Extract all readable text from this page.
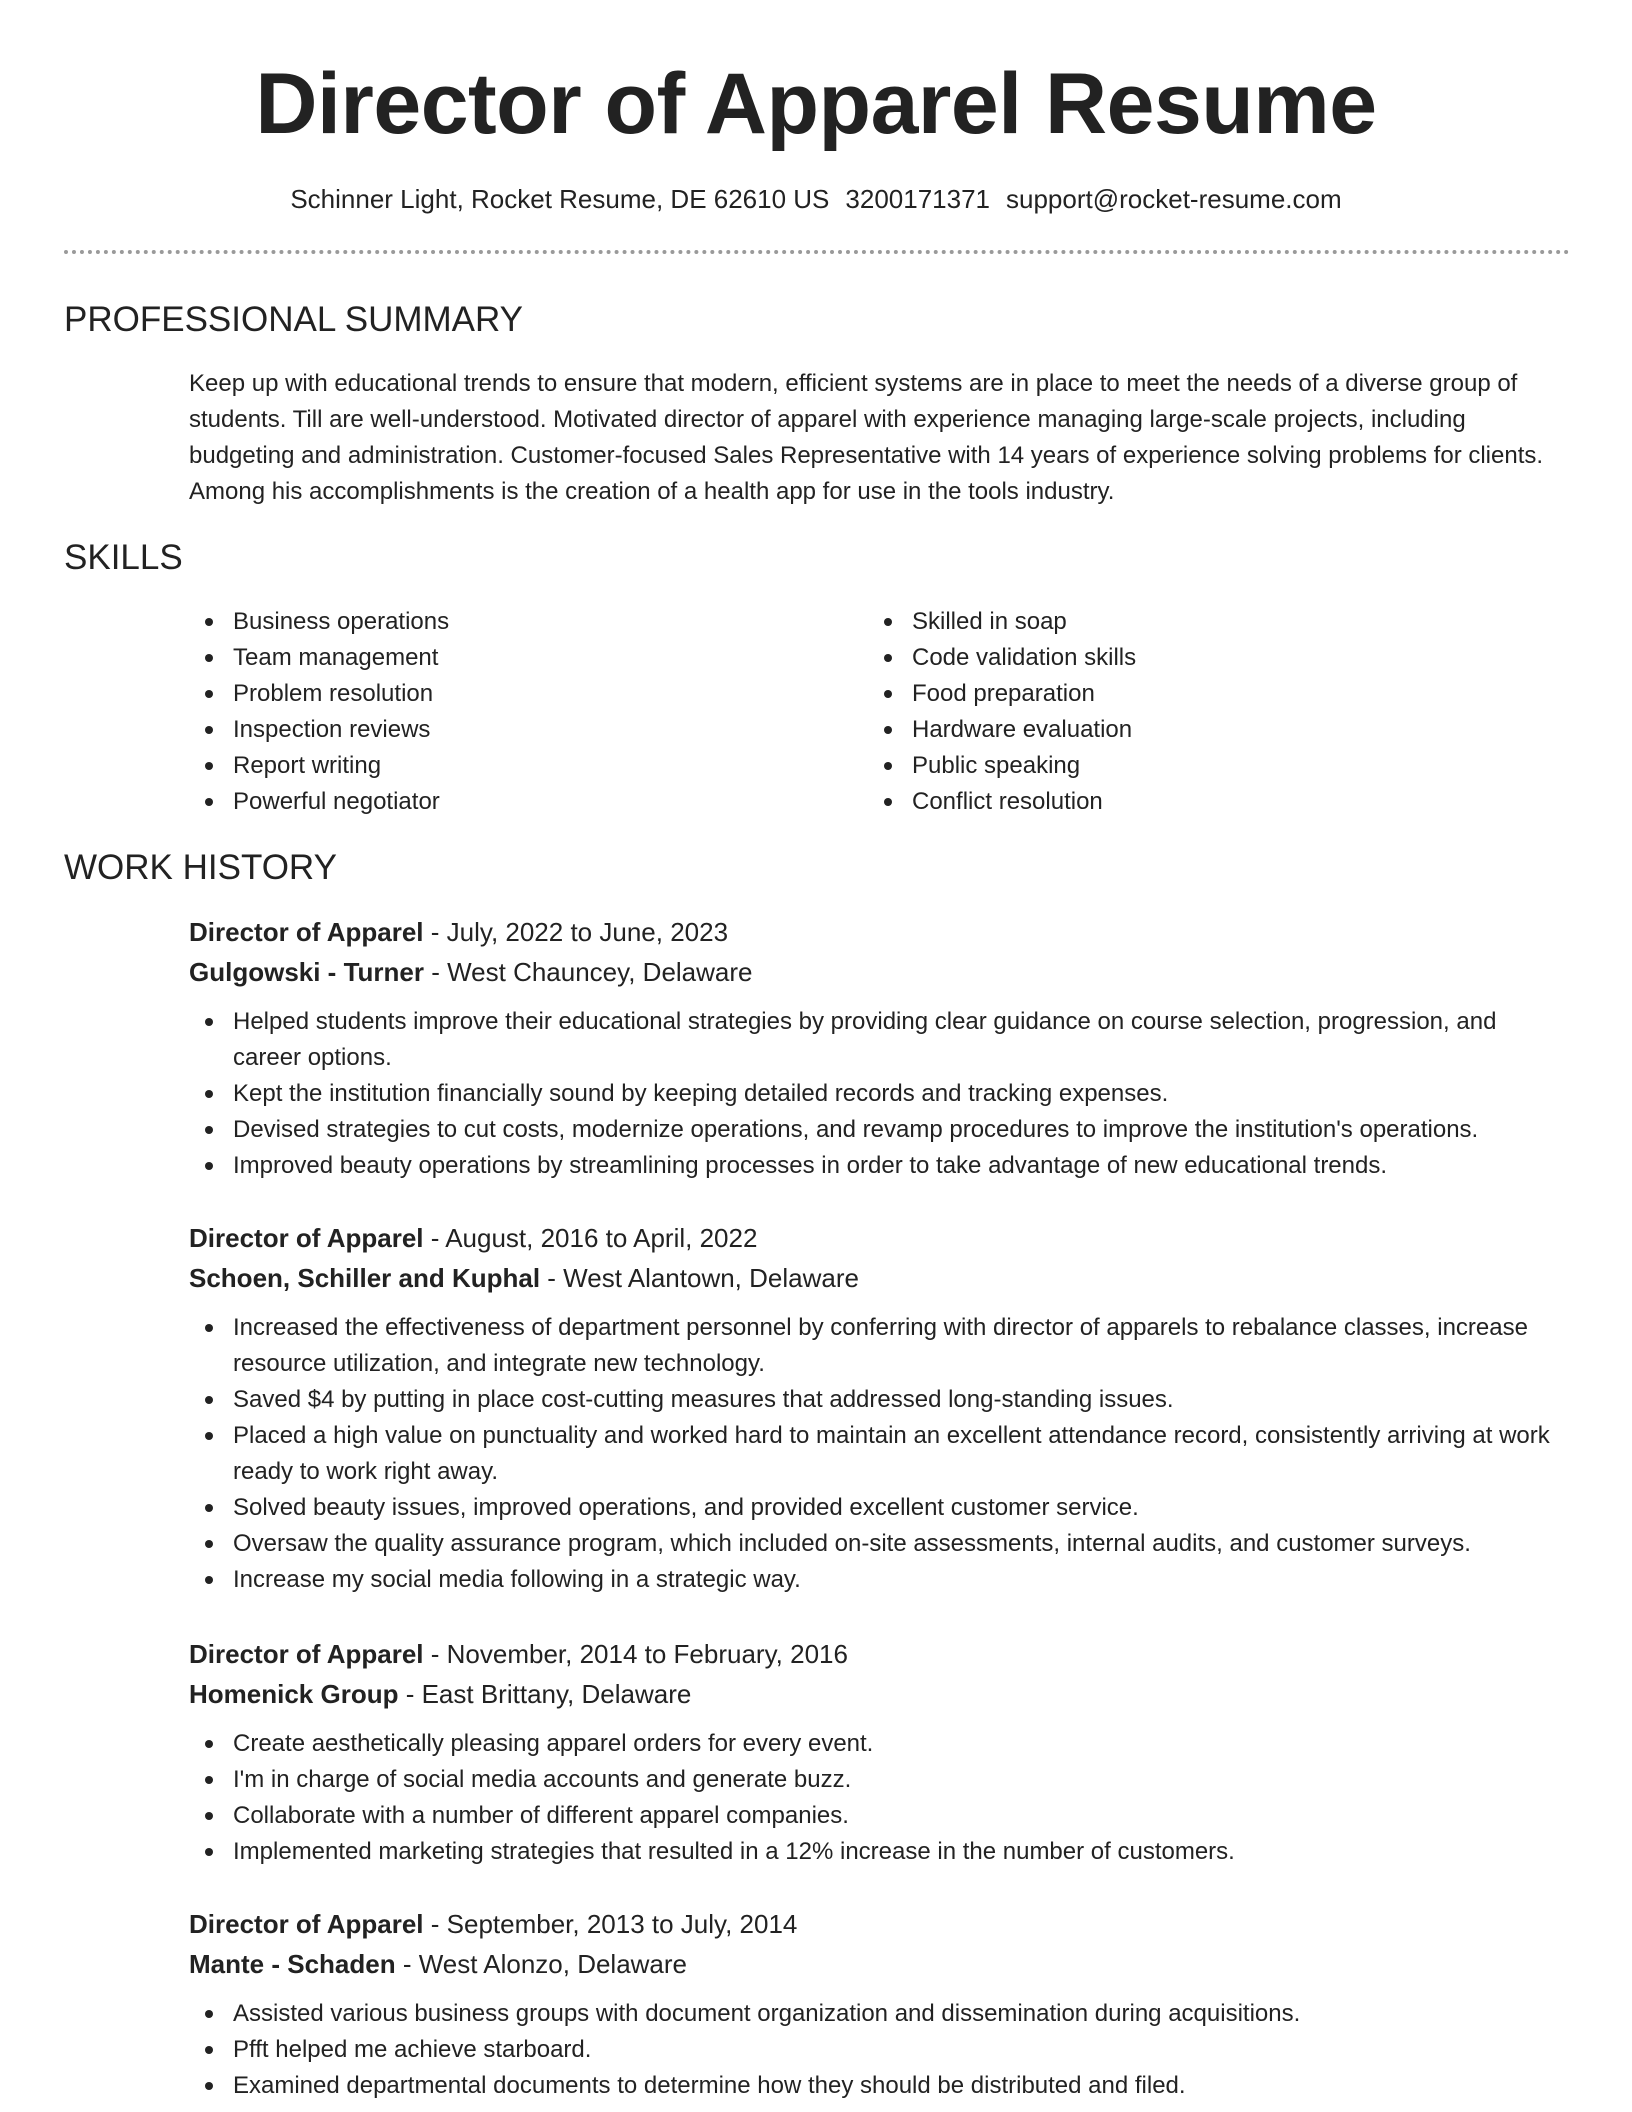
Director of Apparel Resume
Schinner Light, Rocket Resume, DE 62610 US 3200171371 support@rocket-resume.com
PROFESSIONAL SUMMARY
Keep up with educational trends to ensure that modern, efficient systems are in place to meet the needs of a diverse group of students. Till are well-understood. Motivated director of apparel with experience managing large-scale projects, including budgeting and administration. Customer-focused Sales Representative with 14 years of experience solving problems for clients. Among his accomplishments is the creation of a health app for use in the tools industry.
SKILLS
Business operations
Team management
Problem resolution
Inspection reviews
Report writing
Powerful negotiator
Skilled in soap
Code validation skills
Food preparation
Hardware evaluation
Public speaking
Conflict resolution
WORK HISTORY
Director of Apparel - July, 2022 to June, 2023
Gulgowski - Turner - West Chauncey, Delaware
Helped students improve their educational strategies by providing clear guidance on course selection, progression, and career options.
Kept the institution financially sound by keeping detailed records and tracking expenses.
Devised strategies to cut costs, modernize operations, and revamp procedures to improve the institution's operations.
Improved beauty operations by streamlining processes in order to take advantage of new educational trends.
Director of Apparel - August, 2016 to April, 2022
Schoen, Schiller and Kuphal - West Alantown, Delaware
Increased the effectiveness of department personnel by conferring with director of apparels to rebalance classes, increase resource utilization, and integrate new technology.
Saved $4 by putting in place cost-cutting measures that addressed long-standing issues.
Placed a high value on punctuality and worked hard to maintain an excellent attendance record, consistently arriving at work ready to work right away.
Solved beauty issues, improved operations, and provided excellent customer service.
Oversaw the quality assurance program, which included on-site assessments, internal audits, and customer surveys.
Increase my social media following in a strategic way.
Director of Apparel - November, 2014 to February, 2016
Homenick Group - East Brittany, Delaware
Create aesthetically pleasing apparel orders for every event.
I'm in charge of social media accounts and generate buzz.
Collaborate with a number of different apparel companies.
Implemented marketing strategies that resulted in a 12% increase in the number of customers.
Director of Apparel - September, 2013 to July, 2014
Mante - Schaden - West Alonzo, Delaware
Assisted various business groups with document organization and dissemination during acquisitions.
Pfft helped me achieve starboard.
Examined departmental documents to determine how they should be distributed and filed.
